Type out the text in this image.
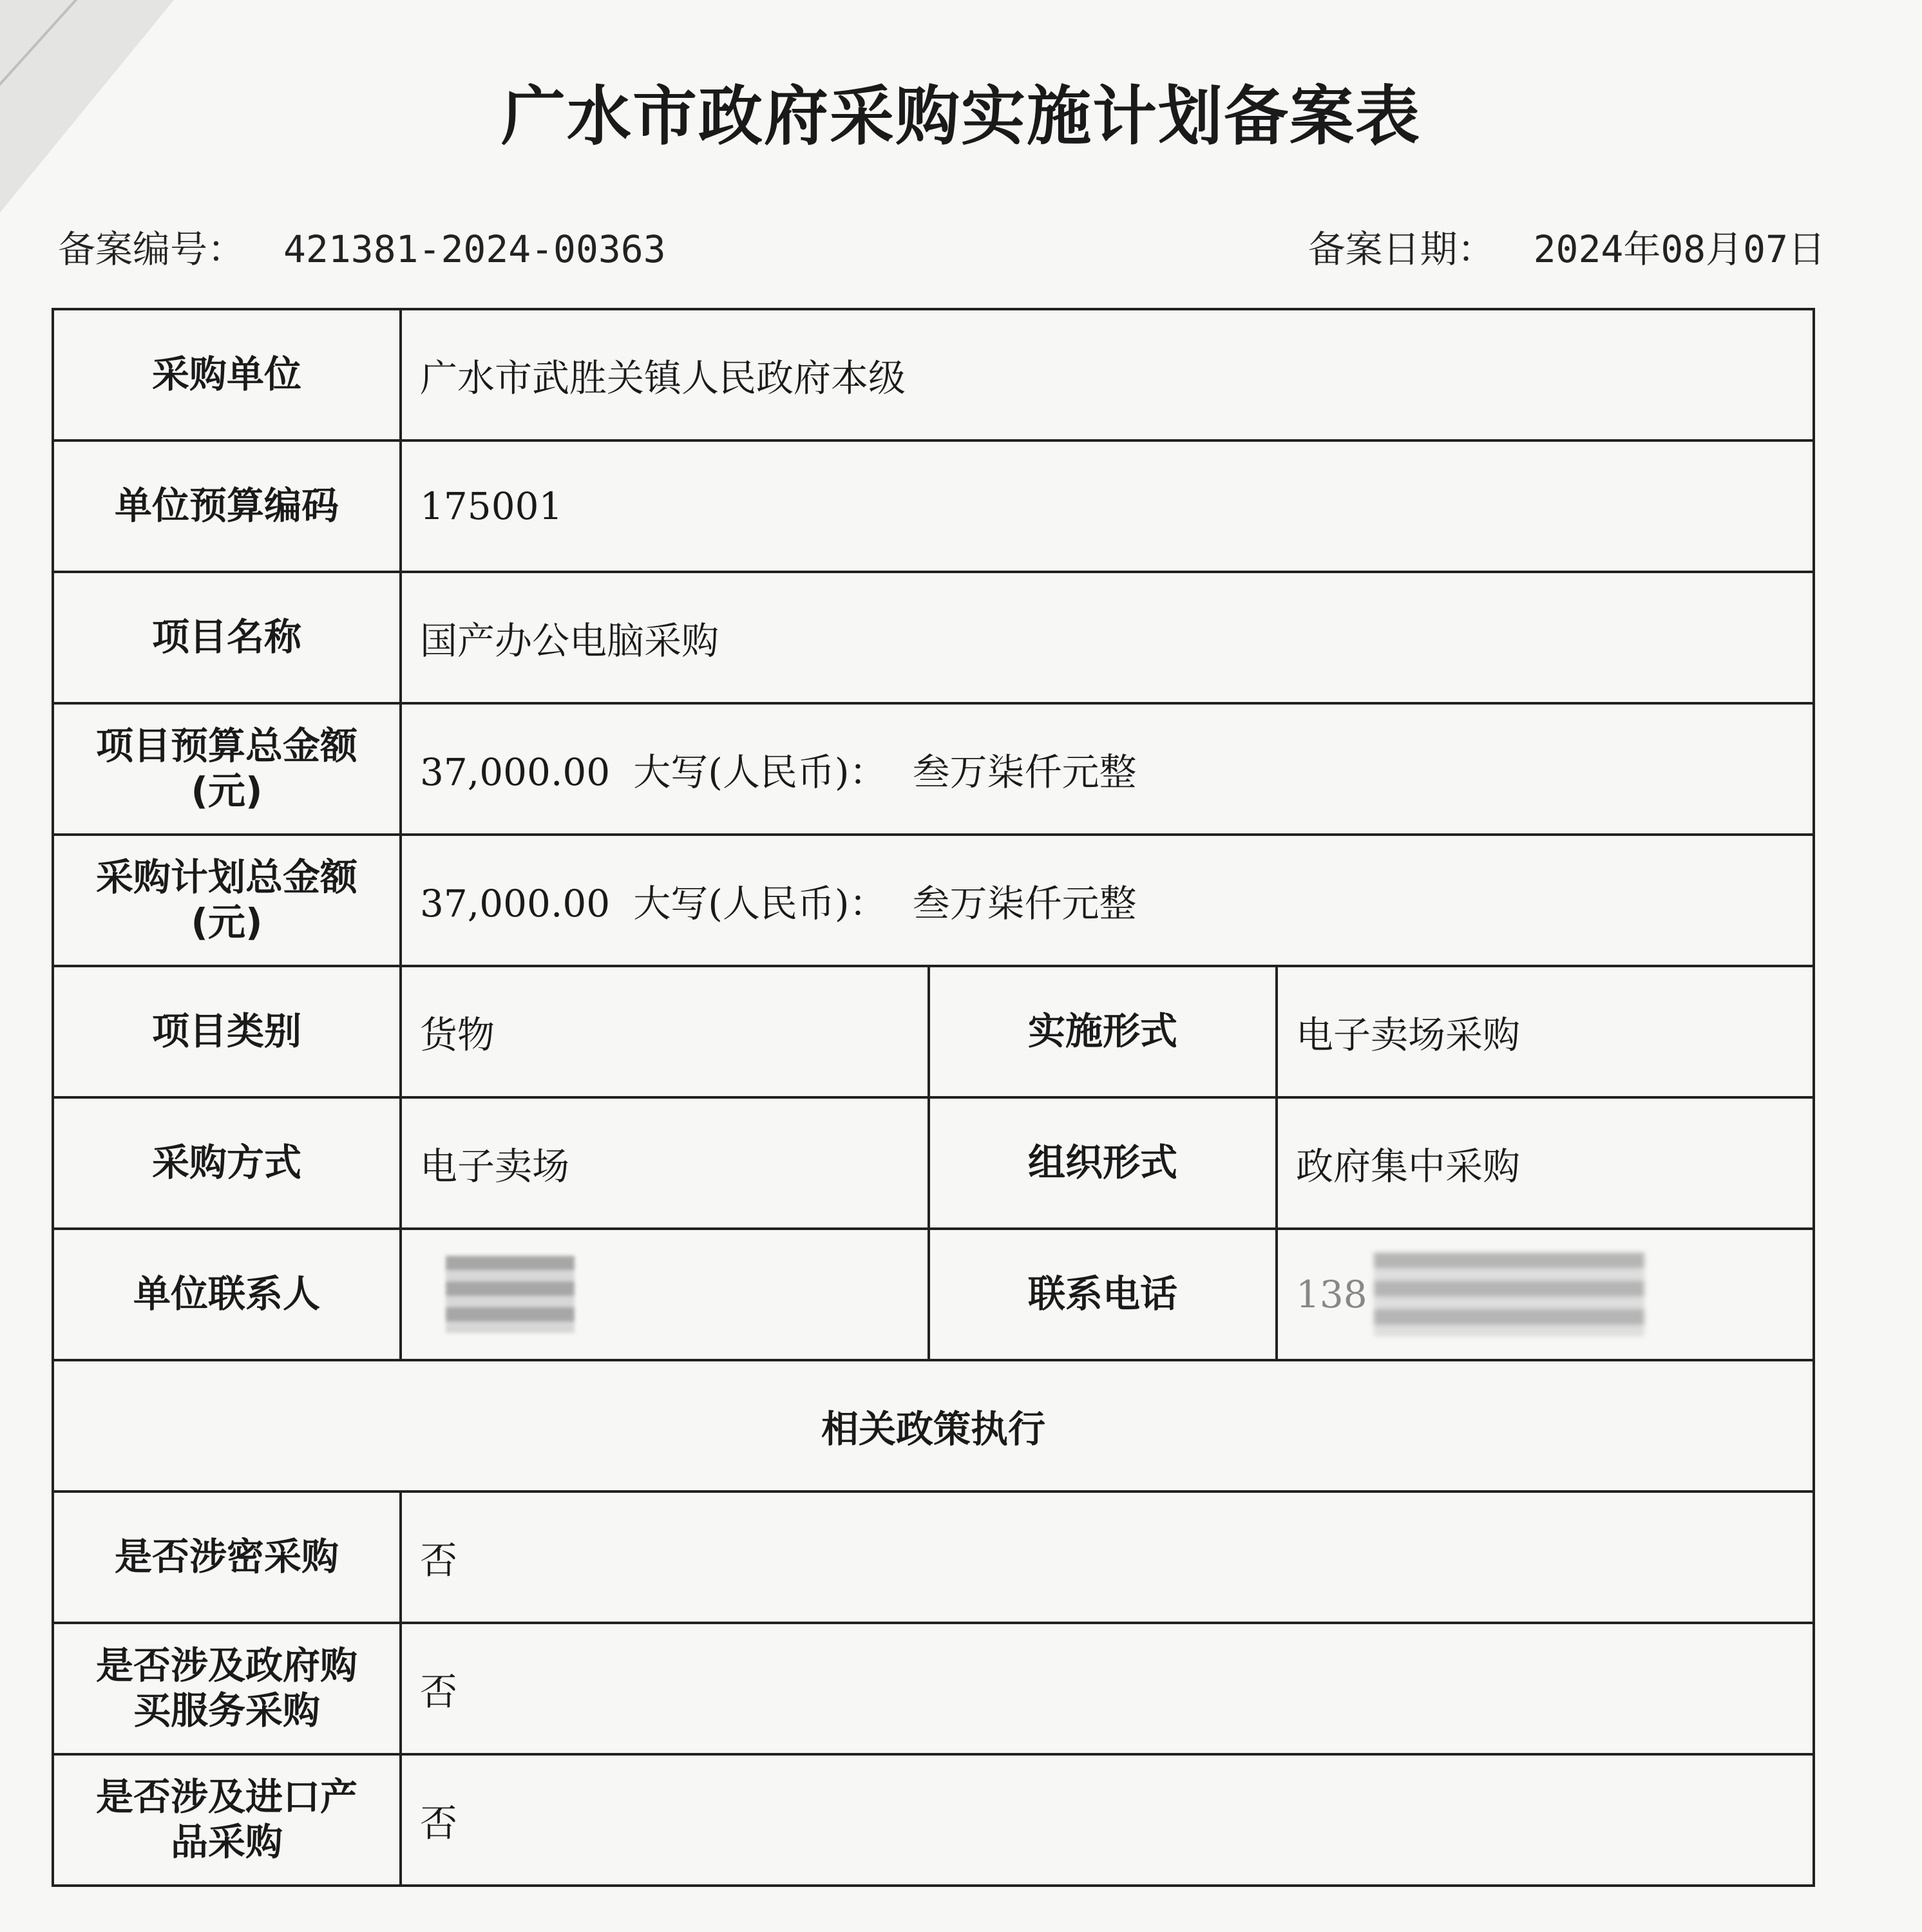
广水市政府采购实施计划备案表
备案编号： 421381-2024-00363	备案日期： 2024年08月07日
采购单位	广水市武胜关镇人民政府本级		
单位预算编码	175001		
项目名称	国产办公电脑采购		

项目预算总金额
(元)	37,000.00 大写(人民币)： 叁万柒仟元整		

采购计划总金额
(元)	37,000.00 大写(人民币)： 叁万柒仟元整		
项目类别	货物	实施形式	电子卖场采购
采购方式	电子卖场	组织形式	政府集中采购
单位联系人		联系电话	138

相关政策执行			
是否涉密采购	否		

是否涉及政府购
买服务采购	否		

是否涉及进口产
品采购	否		
